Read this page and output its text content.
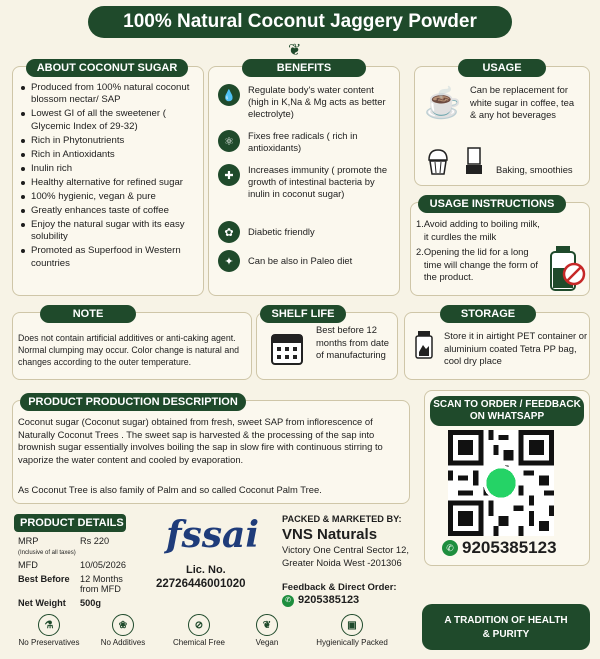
100% Natural Coconut Jaggery Powder
❦
ABOUT COCONUT SUGAR
Produced from 100% natural coconut blossom nectar/ SAP
Lowest GI of all the sweetener ( Glycemic Index of 29-32)
Rich in Phytonutrients
Rich in Antioxidants
Inulin rich
Healthy alternative for refined sugar
100% hygienic, vegan & pure
Greatly enhances taste of coffee
Enjoy the natural sugar with its easy solubility
Promoted as Superfood in Western countries
BENEFITS
💧	Regulate body's water content (high in K,Na & Mg acts as better electrolyte)
⚛	Fixes free radicals ( rich in antioxidants)
✚	Increases immunity ( promote the growth of intestinal bacteria by inulin in coconut sugar)
✿	Diabetic friendly
✦	Can be also in Paleo diet
USAGE
☕ Can be replacement for white sugar in coffee, tea & any hot beverages
Baking, smoothies
USAGE INSTRUCTIONS
1. Avoid adding to boiling milk, it curdles the milk
2. Opening the lid for a long time will change the form of the product.
NOTE
Does not contain artificial additives or anti-caking agent. Normal clumping may occur. Color change is natural and changes according to the outer temperature.
SHELF LIFE
Best before 12 months from date of manufacturing
STORAGE
Store it in airtight PET container or aluminium coated Tetra PP bag, cool dry place
PRODUCT PRODUCTION DESCRIPTION
Coconut sugar (Coconut sugar) obtained from fresh, sweet SAP from inflorescence of Naturally Coconut Trees . The sweet sap is harvested & the processing of the sap into brownish sugar essentially involves boiling the sap in slow fire with continuous stirring to vaporize the water content and cooled by evaporation.
As Coconut Tree is also family of Palm and so called Coconut Palm Tree.
SCAN TO ORDER / FEEDBACK ON WHATSAPP
✆ 9205385123
PRODUCT DETAILS
MRP
(Inclusive of all taxes)	Rs 220
MFD	10/05/2026
Best Before	12 Months from MFD
Net Weight	500g
fssai
Lic. No.
22726446001020
PACKED & MARKETED BY:
VNS Naturals
Victory One Central Sector 12, Greater Noida West -201306
Feedback & Direct Order:
✆ 9205385123
⚗
No Preservatives
❀
No Additives
⊘
Chemical Free
❦
Vegan
▣
Hygienically Packed
A TRADITION OF HEALTH & PURITY
